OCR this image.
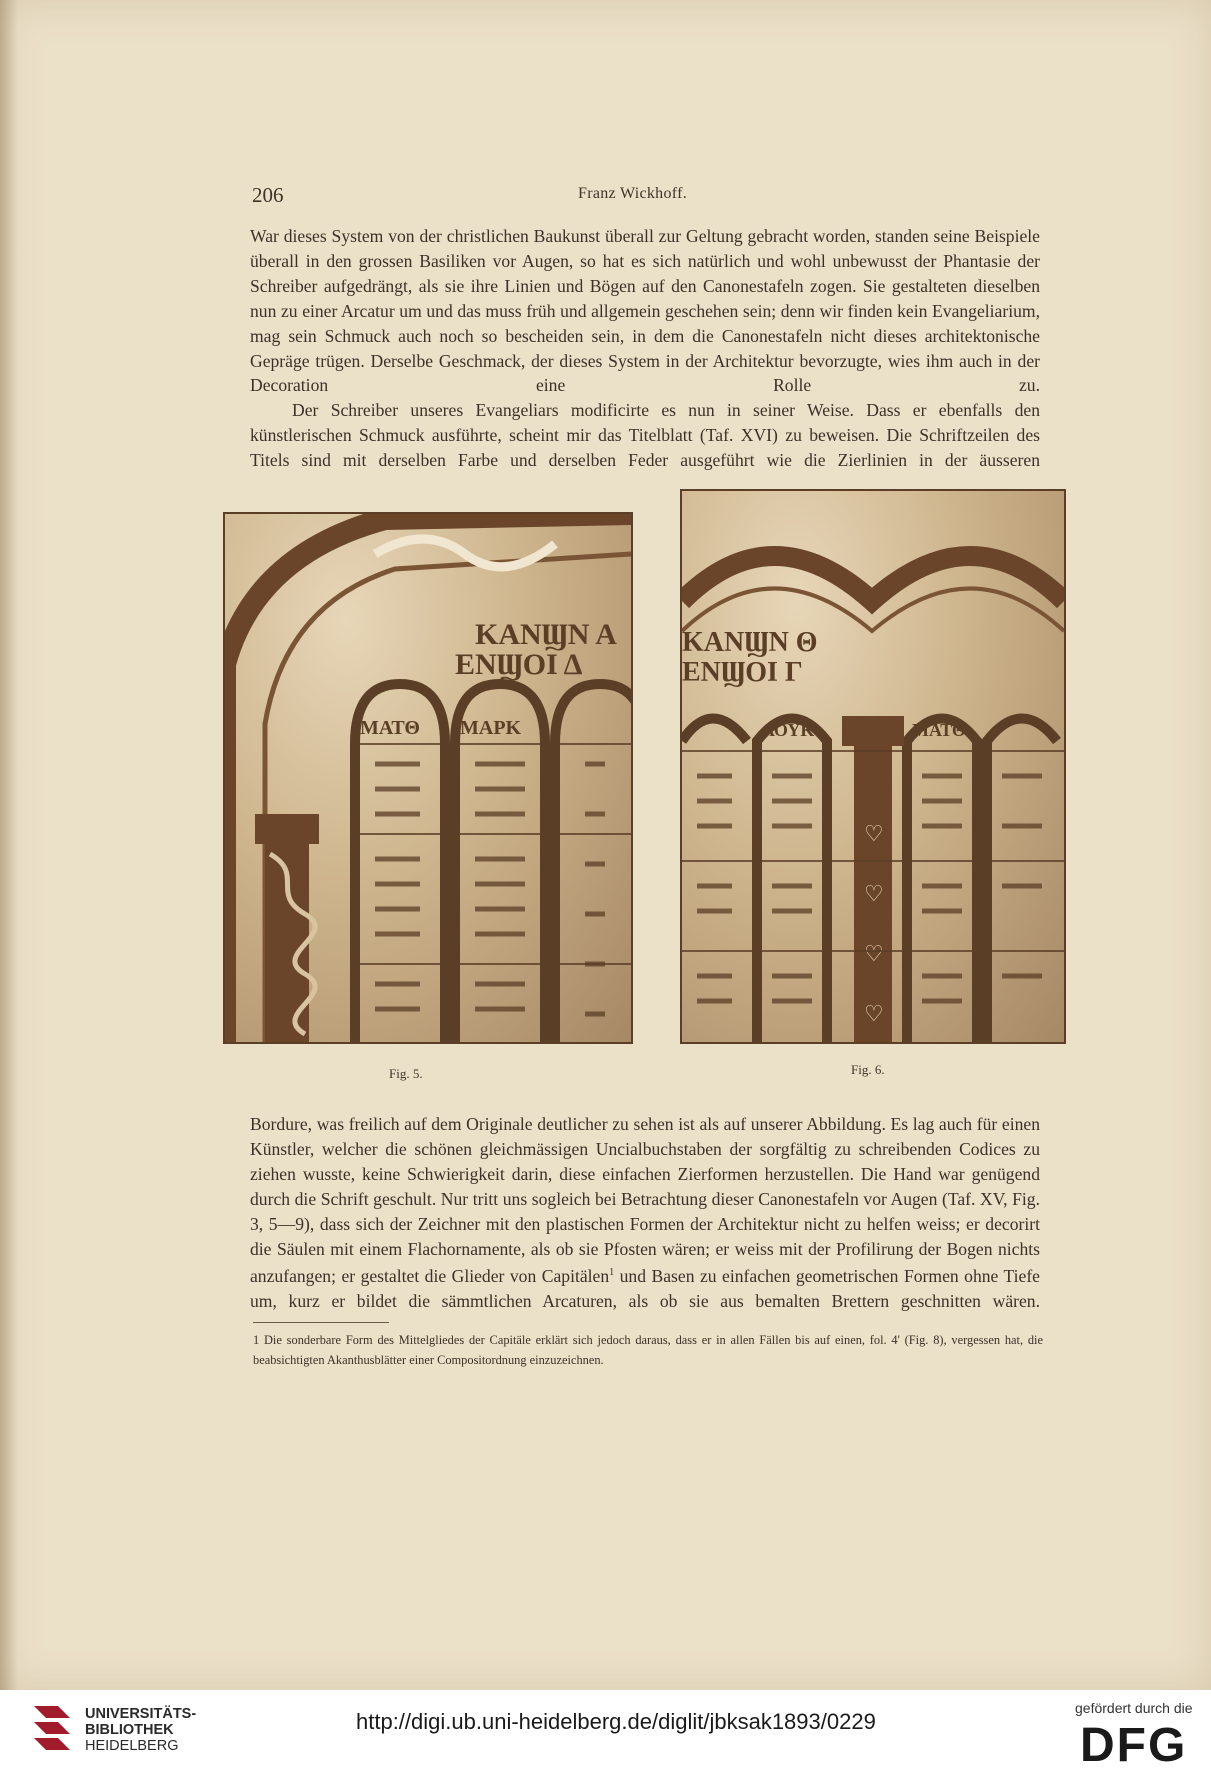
206	Franz Wickhoff.

War dieses System von der christlichen Baukunst überall zur Geltung gebracht worden, standen seine Beispiele überall in den grossen Basiliken vor Augen, so hat es sich natürlich und wohl unbewusst der Phantasie der Schreiber aufgedrängt, als sie ihre Linien und Bögen auf den Canonestafeln zogen. Sie gestalteten dieselben nun zu einer Arcatur um und das muss früh und allgemein geschehen sein; denn wir finden kein Evangeliarium, mag sein Schmuck auch noch so bescheiden sein, in dem die Canonestafeln nicht dieses architektonische Gepräge trügen. Derselbe Geschmack, der dieses System in der Architektur bevorzugte, wies ihm auch in der Decoration eine Rolle zu.

Der Schreiber unseres Evangeliars modificirte es nun in seiner Weise. Dass er ebenfalls den künstlerischen Schmuck ausführte, scheint mir das Titelblatt (Taf. XVI) zu beweisen. Die Schriftzeilen des Titels sind mit derselben Farbe und derselben Feder ausgeführt wie die Zierlinien in der äusseren

ΚΑΝϢΝ Α
ΕΝϢΟΙ Δ
ΜΑΤΘ ΜΑΡΚ
ΚΑΝϢΝ Θ
ΕΝϢΟΙ Γ
ΛΟΥΚ	ΜΑΤΘ
♡
♡
♡
♡
Fig. 5.	Fig. 6.

Bordure, was freilich auf dem Originale deutlicher zu sehen ist als auf unserer Abbildung. Es lag auch für einen Künstler, welcher die schönen gleichmässigen Uncialbuchstaben der sorgfältig zu schreibenden Codices zu ziehen wusste, keine Schwierigkeit darin, diese einfachen Zierformen herzustellen. Die Hand war genügend durch die Schrift geschult. Nur tritt uns sogleich bei Betrachtung dieser Canonestafeln vor Augen (Taf. XV, Fig. 3, 5—9), dass sich der Zeichner mit den plastischen Formen der Architektur nicht zu helfen weiss; er decorirt die Säulen mit einem Flachornamente, als ob sie Pfosten wären; er weiss mit der Profilirung der Bogen nichts anzufangen; er gestaltet die Glieder von Capitälen$^1$ und Basen zu einfachen geometrischen Formen ohne Tiefe um, kurz er bildet die sämmtlichen Arcaturen, als ob sie aus bemalten Brettern geschnitten wären.

1 Die sonderbare Form des Mittelgliedes der Capitäle erklärt sich jedoch daraus, dass er in allen Fällen bis auf einen, fol. 4' (Fig. 8), vergessen hat, die beabsichtigten Akanthusblätter einer Compositordnung einzuzeichnen.

UNIVERSITÄTS-
BIBLIOTHEK
HEIDELBERG
http://digi.ub.uni-heidelberg.de/diglit/jbksak1893/0229
gefördert durch die
DFG
